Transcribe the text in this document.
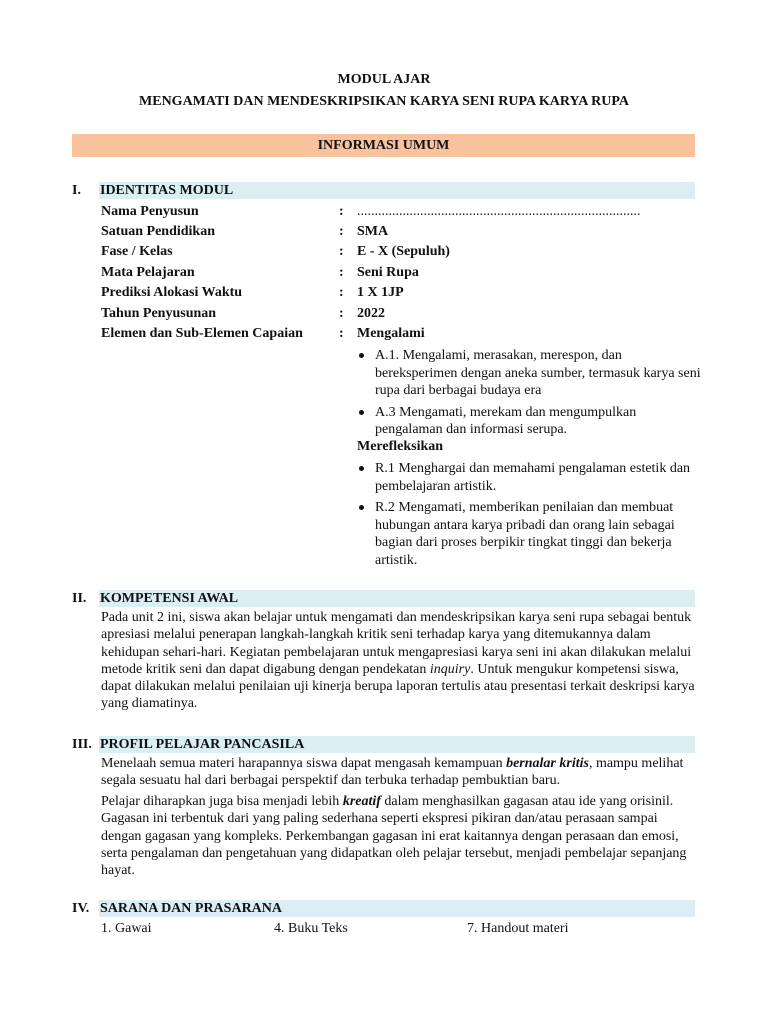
MODUL AJAR
MENGAMATI DAN MENDESKRIPSIKAN KARYA SENI RUPA KARYA RUPA
INFORMASI UMUM
I. IDENTITAS MODUL
Nama Penyusun	: .................................................................................
Satuan Pendidikan	: SMA
Fase / Kelas	: E - X (Sepuluh)
Mata Pelajaran	: Seni Rupa
Prediksi Alokasi Waktu	: 1 X 1JP
Tahun Penyusunan	: 2022
Elemen dan Sub-Elemen Capaian	: Mengalami
A.1. Mengalami, merasakan, merespon, dan bereksperimen dengan aneka sumber, termasuk karya seni rupa dari berbagai budaya era
A.3 Mengamati, merekam dan mengumpulkan pengalaman dan informasi serupa.
Merefleksikan
R.1 Menghargai dan memahami pengalaman estetik dan pembelajaran artistik.
R.2 Mengamati, memberikan penilaian dan membuat hubungan antara karya pribadi dan orang lain sebagai bagian dari proses berpikir tingkat tinggi dan bekerja artistik.
II. KOMPETENSI AWAL

Pada unit 2 ini, siswa akan belajar untuk mengamati dan mendeskripsikan karya seni rupa sebagai bentuk apresiasi melalui penerapan langkah-langkah kritik seni terhadap karya yang ditemukannya dalam kehidupan sehari-hari. Kegiatan pembelajaran untuk mengapresiasi karya seni ini akan dilakukan melalui metode kritik seni dan dapat digabung dengan pendekatan inquiry. Untuk mengukur kompetensi siswa, dapat dilakukan melalui penilaian uji kinerja berupa laporan tertulis atau presentasi terkait deskripsi karya yang diamatinya.

III. PROFIL PELAJAR PANCASILA

Menelaah semua materi harapannya siswa dapat mengasah kemampuan bernalar kritis, mampu melihat segala sesuatu hal dari berbagai perspektif dan terbuka terhadap pembuktian baru.

Pelajar diharapkan juga bisa menjadi lebih kreatif dalam menghasilkan gagasan atau ide yang orisinil. Gagasan ini terbentuk dari yang paling sederhana seperti ekspresi pikiran dan/atau perasaan sampai dengan gagasan yang kompleks. Perkembangan gagasan ini erat kaitannya dengan perasaan dan emosi, serta pengalaman dan pengetahuan yang didapatkan oleh pelajar tersebut, menjadi pembelajar sepanjang hayat.

IV. SARANA DAN PRASARANA
1. Gawai	4. Buku Teks	7. Handout materi
